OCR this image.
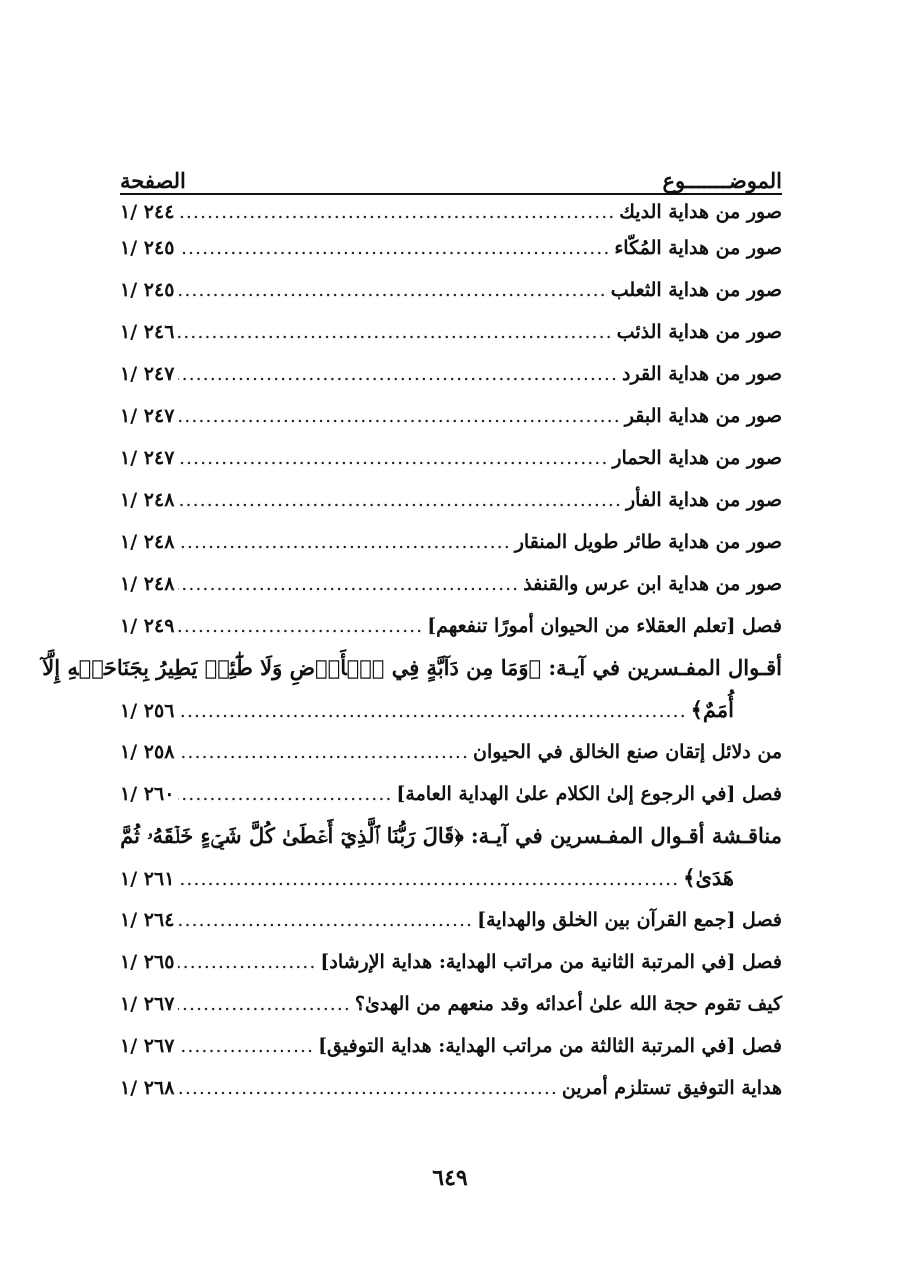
الموضـــــــوع
الصفحة
صور من هداية الديك
.....
٢٤٤ /١
صور من هداية المُكّاء
.....
٢٤٥ /١
صور من هداية الثعلب
.....
٢٤٥ /١
صور من هداية الذئب
.....
٢٤٦ /١
صور من هداية القرد
.....
٢٤٧ /١
صور من هداية البقر
.....
٢٤٧ /١
صور من هداية الحمار
.....
٢٤٧ /١
صور من هداية الفأر
.....
٢٤٨ /١
صور من هداية طائر طويل المنقار
.....
٢٤٨ /١
صور من هداية ابن عرس والقنفذ
.....
٢٤٨ /١
فصل [تعلم العقلاء من الحيوان أمورًا تنفعهم]
.....
٢٤٩ /١
أقـوال المفـسرين في آيـة: ﴿وَمَا مِن دَآبَّةٍ فِي ٱلۡأَرۡضِ وَلَا طَٰٓئِرٖ يَطِيرُ بِجَنَاحَيۡهِ إِلَّآ
أُمَمٌ﴾
.....
٢٥٦ /١
من دلائل إتقان صنع الخالق في الحيوان
.....
٢٥٨ /١
فصل [في الرجوع إلىٰ الكلام علىٰ الهداية العامة]
.....
٢٦٠ /١
مناقـشة أقـوال المفـسرين في آيـة: ﴿قَالَ رَبُّنَا ٱلَّذِيٓ أَعۡطَىٰ كُلَّ شَيۡءٍ خَلۡقَهُۥ ثُمَّ
هَدَىٰ﴾
.....
٢٦١ /١
فصل [جمع القرآن بين الخلق والهداية]
.....
٢٦٤ /١
فصل [في المرتبة الثانية من مراتب الهداية: هداية الإرشاد]
.....
٢٦٥ /١
كيف تقوم حجة الله علىٰ أعدائه وقد منعهم من الهدىٰ؟
.....
٢٦٧ /١
فصل [في المرتبة الثالثة من مراتب الهداية: هداية التوفيق]
.....
٢٦٧ /١
هداية التوفيق تستلزم أمرين
.....
٢٦٨ /١
٦٤٩
